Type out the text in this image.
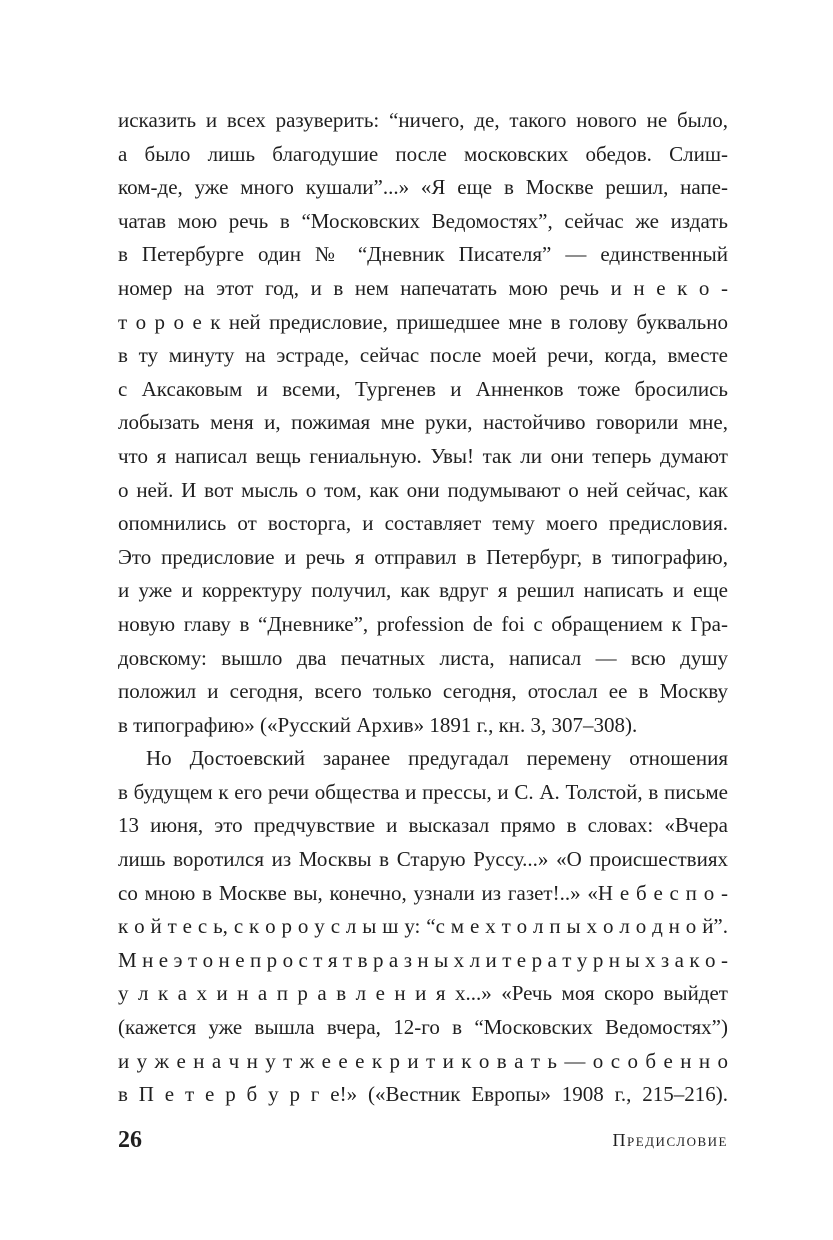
исказить и всех разуверить: “ничего, де, такого нового не было,
а было лишь благодушие после московских обедов. Слиш-
ком-де, уже много кушали”...» «Я еще в Москве решил, напе-
чатав мою речь в “Московских Ведомостях”, сейчас же издать
в Петербурге один № “Дневник Писателя” — единственный
номер на этот год, и в нем напечатать мою речь и н е к о -
т о р о е к ней предисловие, пришедшее мне в голову буквально
в ту минуту на эстраде, сейчас после моей речи, когда, вместе
с Аксаковым и всеми, Тургенев и Анненков тоже бросились
лобызать меня и, пожимая мне руки, настойчиво говорили мне,
что я написал вещь гениальную. Увы! так ли они теперь думают
о ней. И вот мысль о том, как они подумывают о ней сейчас, как
опомнились от восторга, и составляет тему моего предисловия.
Это предисловие и речь я отправил в Петербург, в типографию,
и уже и корректуру получил, как вдруг я решил написать и еще
новую главу в “Дневнике”, profession de foi с обращением к Гра-
довскому: вышло два печатных листа, написал — всю душу
положил и сегодня, всего только сегодня, отослал ее в Москву
в типографию» («Русский Архив» 1891 г., кн. 3, 307–308).
Но Достоевский заранее предугадал перемену отношения
в будущем к его речи общества и прессы, и С. А. Толстой, в письме
13 июня, это предчувствие и высказал прямо в словах: «Вчера
лишь воротился из Москвы в Старую Руссу...» «О происшествиях
со мною в Москве вы, конечно, узнали из газет!..» «Н е б е с п о -
к о й т е с ь, с к о р о у с л ы ш у: “с м е х т о л п ы х о л о д н о й”.
М н е э т о н е п р о с т я т в р а з н ы х л и т е р а т у р н ы х з а к о -
у л к а х и н а п р а в л е н и я х...» «Речь моя скоро выйдет
(кажется уже вышла вчера, 12-го в “Московских Ведомостях”)
и у ж е н а ч н у т ж е е е к р и т и к о в а т ь — о с о б е н н о
в П е т е р б у р г е!» («Вестник Европы» 1908 г., 215–216).
26	Предисловие
